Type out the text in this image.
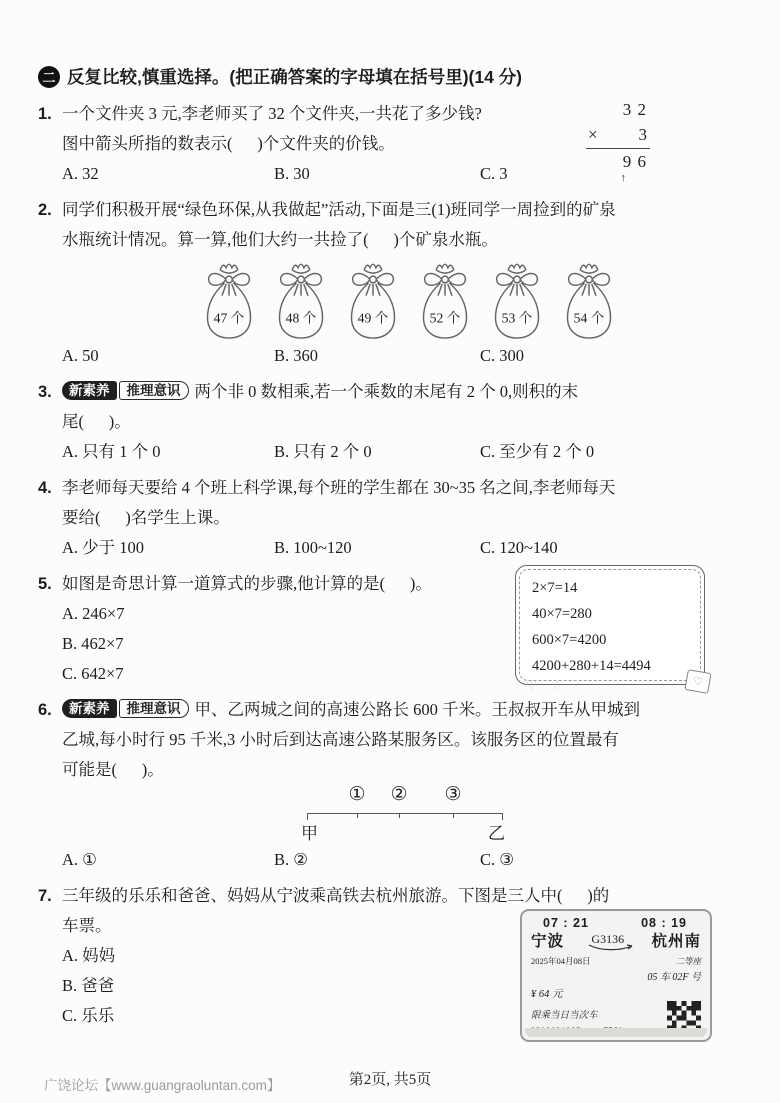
二 反复比较,慎重选择。(把正确答案的字母填在括号里)(14 分)
1. 一个文件夹 3 元,李老师买了 32 个文件夹,一共花了多少钱?
图中箭头所指的数表示(      )个文件夹的价钱。
A. 32	B. 30	C. 3
3 2
× 3
9 6
↑
2. 同学们积极开展“绿色环保,从我做起”活动,下面是三(1)班同学一周捡到的矿泉
水瓶统计情况。算一算,他们大约一共捡了(      )个矿泉水瓶。
47 个	48 个	49 个	52 个	53 个	54 个
A. 50	B. 360	C. 300
3.	新素养 推理意识 两个非 0 数相乘,若一个乘数的末尾有 2 个 0,则积的末
尾(      )。
A. 只有 1 个 0	B. 只有 2 个 0	C. 至少有 2 个 0
4. 李老师每天要给 4 个班上科学课,每个班的学生都在 30~35 名之间,李老师每天
要给(      )名学生上课。
A. 少于 100	B. 100~120	C. 120~140
5. 如图是奇思计算一道算式的步骤,他计算的是(      )。
A. 246×7
B. 462×7
C. 642×7
2×7=14
40×7=280
600×7=4200
4200+280+14=4494
♡ ♡	♡
6.	新素养 推理意识 甲、乙两城之间的高速公路长 600 千米。王叔叔开车从甲城到
乙城,每小时行 95 千米,3 小时后到达高速公路某服务区。该服务区的位置最有
可能是(      )。
① ② ③
甲	乙
A. ①	B. ②	C. ③
7. 三年级的乐乐和爸爸、妈妈从宁波乘高铁去杭州旅游。下图是三人中(      )的
车票。
A. 妈妈
B. 爸爸
C. 乐乐
07 : 21	08 : 19
宁波 G3136 杭州南
2025年04月08日	二等座
05 车 02F 号
¥ 64 元
限乘当日当次车
广饶论坛【www.guangraoluntan.com】	第2页, 共5页
